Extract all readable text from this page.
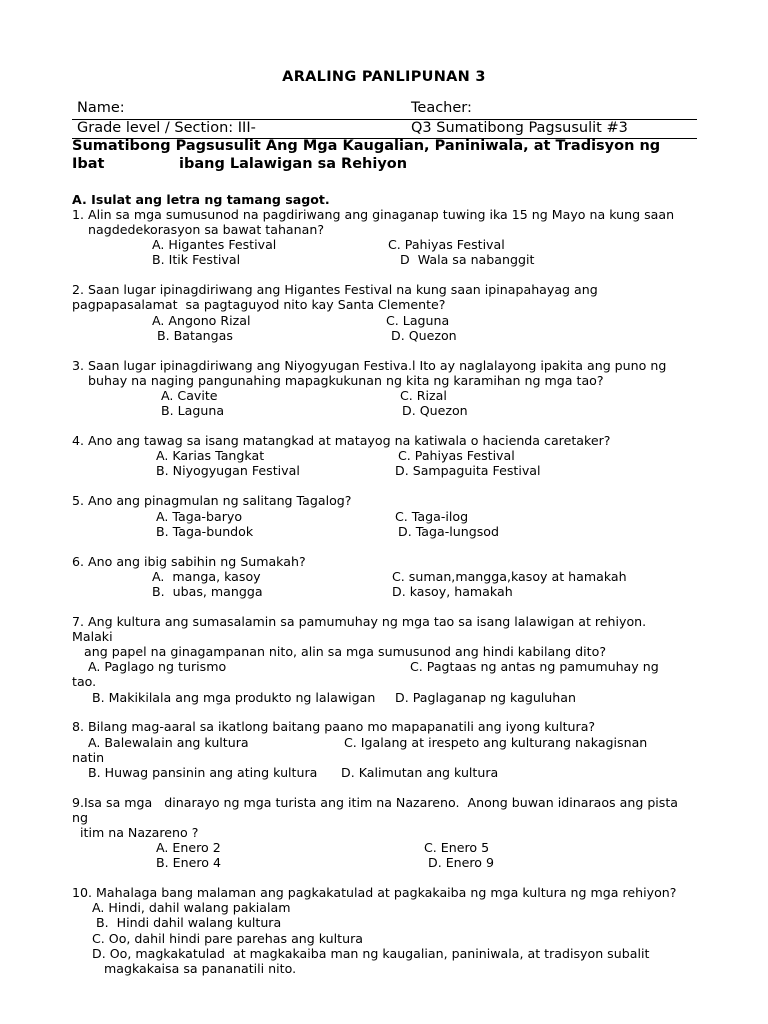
ARALING PANLIPUNAN 3
Name:	Teacher:
Grade level / Section: III-	Q3 Sumatibong Pagsusulit #3
Sumatibong Pagsusulit Ang Mga Kaugalian, Paniniwala, at Tradisyon ng
Ibat	ibang Lalawigan sa Rehiyon
A. Isulat ang letra ng tamang sagot.
1. Alin sa mga sumusunod na pagdiriwang ang ginaganap tuwing ika 15 ng Mayo na kung saan
nagdedekorasyon sa bawat tahanan?
A. Higantes Festival	C. Pahiyas Festival
B. Itik Festival	D  Wala sa nabanggit
2. Saan lugar ipinagdiriwang ang Higantes Festival na kung saan ipinapahayag ang
pagpapasalamat  sa pagtaguyod nito kay Santa Clemente?
A. Angono Rizal	C. Laguna
B. Batangas	D. Quezon
3. Saan lugar ipinagdiriwang ang Niyogyugan Festiva.l Ito ay naglalayong ipakita ang puno ng
buhay na naging pangunahing mapagkukunan ng kita ng karamihan ng mga tao?
A. Cavite	C. Rizal
B. Laguna	D. Quezon
4. Ano ang tawag sa isang matangkad at matayog na katiwala o hacienda caretaker?
A. Karias Tangkat	C. Pahiyas Festival
B. Niyogyugan Festival	D. Sampaguita Festival
5. Ano ang pinagmulan ng salitang Tagalog?
A. Taga-baryo	C. Taga-ilog
B. Taga-bundok	D. Taga-lungsod
6. Ano ang ibig sabihin ng Sumakah?
A.  manga, kasoy	C. suman,mangga,kasoy at hamakah
B.  ubas, mangga	D. kasoy, hamakah
7. Ang kultura ang sumasalamin sa pamumuhay ng mga tao sa isang lalawigan at rehiyon.
Malaki
ang papel na ginagampanan nito, alin sa mga sumusunod ang hindi kabilang dito?
A. Paglago ng turismo	C. Pagtaas ng antas ng pamumuhay ng
tao.
B. Makikilala ang mga produkto ng lalawigan D. Paglaganap ng kaguluhan
8. Bilang mag-aaral sa ikatlong baitang paano mo mapapanatili ang iyong kultura?
A. Balewalain ang kultura	C. Igalang at irespeto ang kulturang nakagisnan
natin
B. Huwag pansinin ang ating kultura D. Kalimutan ang kultura
9.Isa sa mga   dinarayo ng mga turista ang itim na Nazareno.  Anong buwan idinaraos ang pista
ng
itim na Nazareno ?
A. Enero 2	C. Enero 5
B. Enero 4	D. Enero 9
10. Mahalaga bang malaman ang pagkakatulad at pagkakaiba ng mga kultura ng mga rehiyon?
A. Hindi, dahil walang pakialam
B.  Hindi dahil walang kultura
C. Oo, dahil hindi pare parehas ang kultura
D. Oo, magkakatulad  at magkakaiba man ng kaugalian, paniniwala, at tradisyon subalit
magkakaisa sa pananatili nito.
